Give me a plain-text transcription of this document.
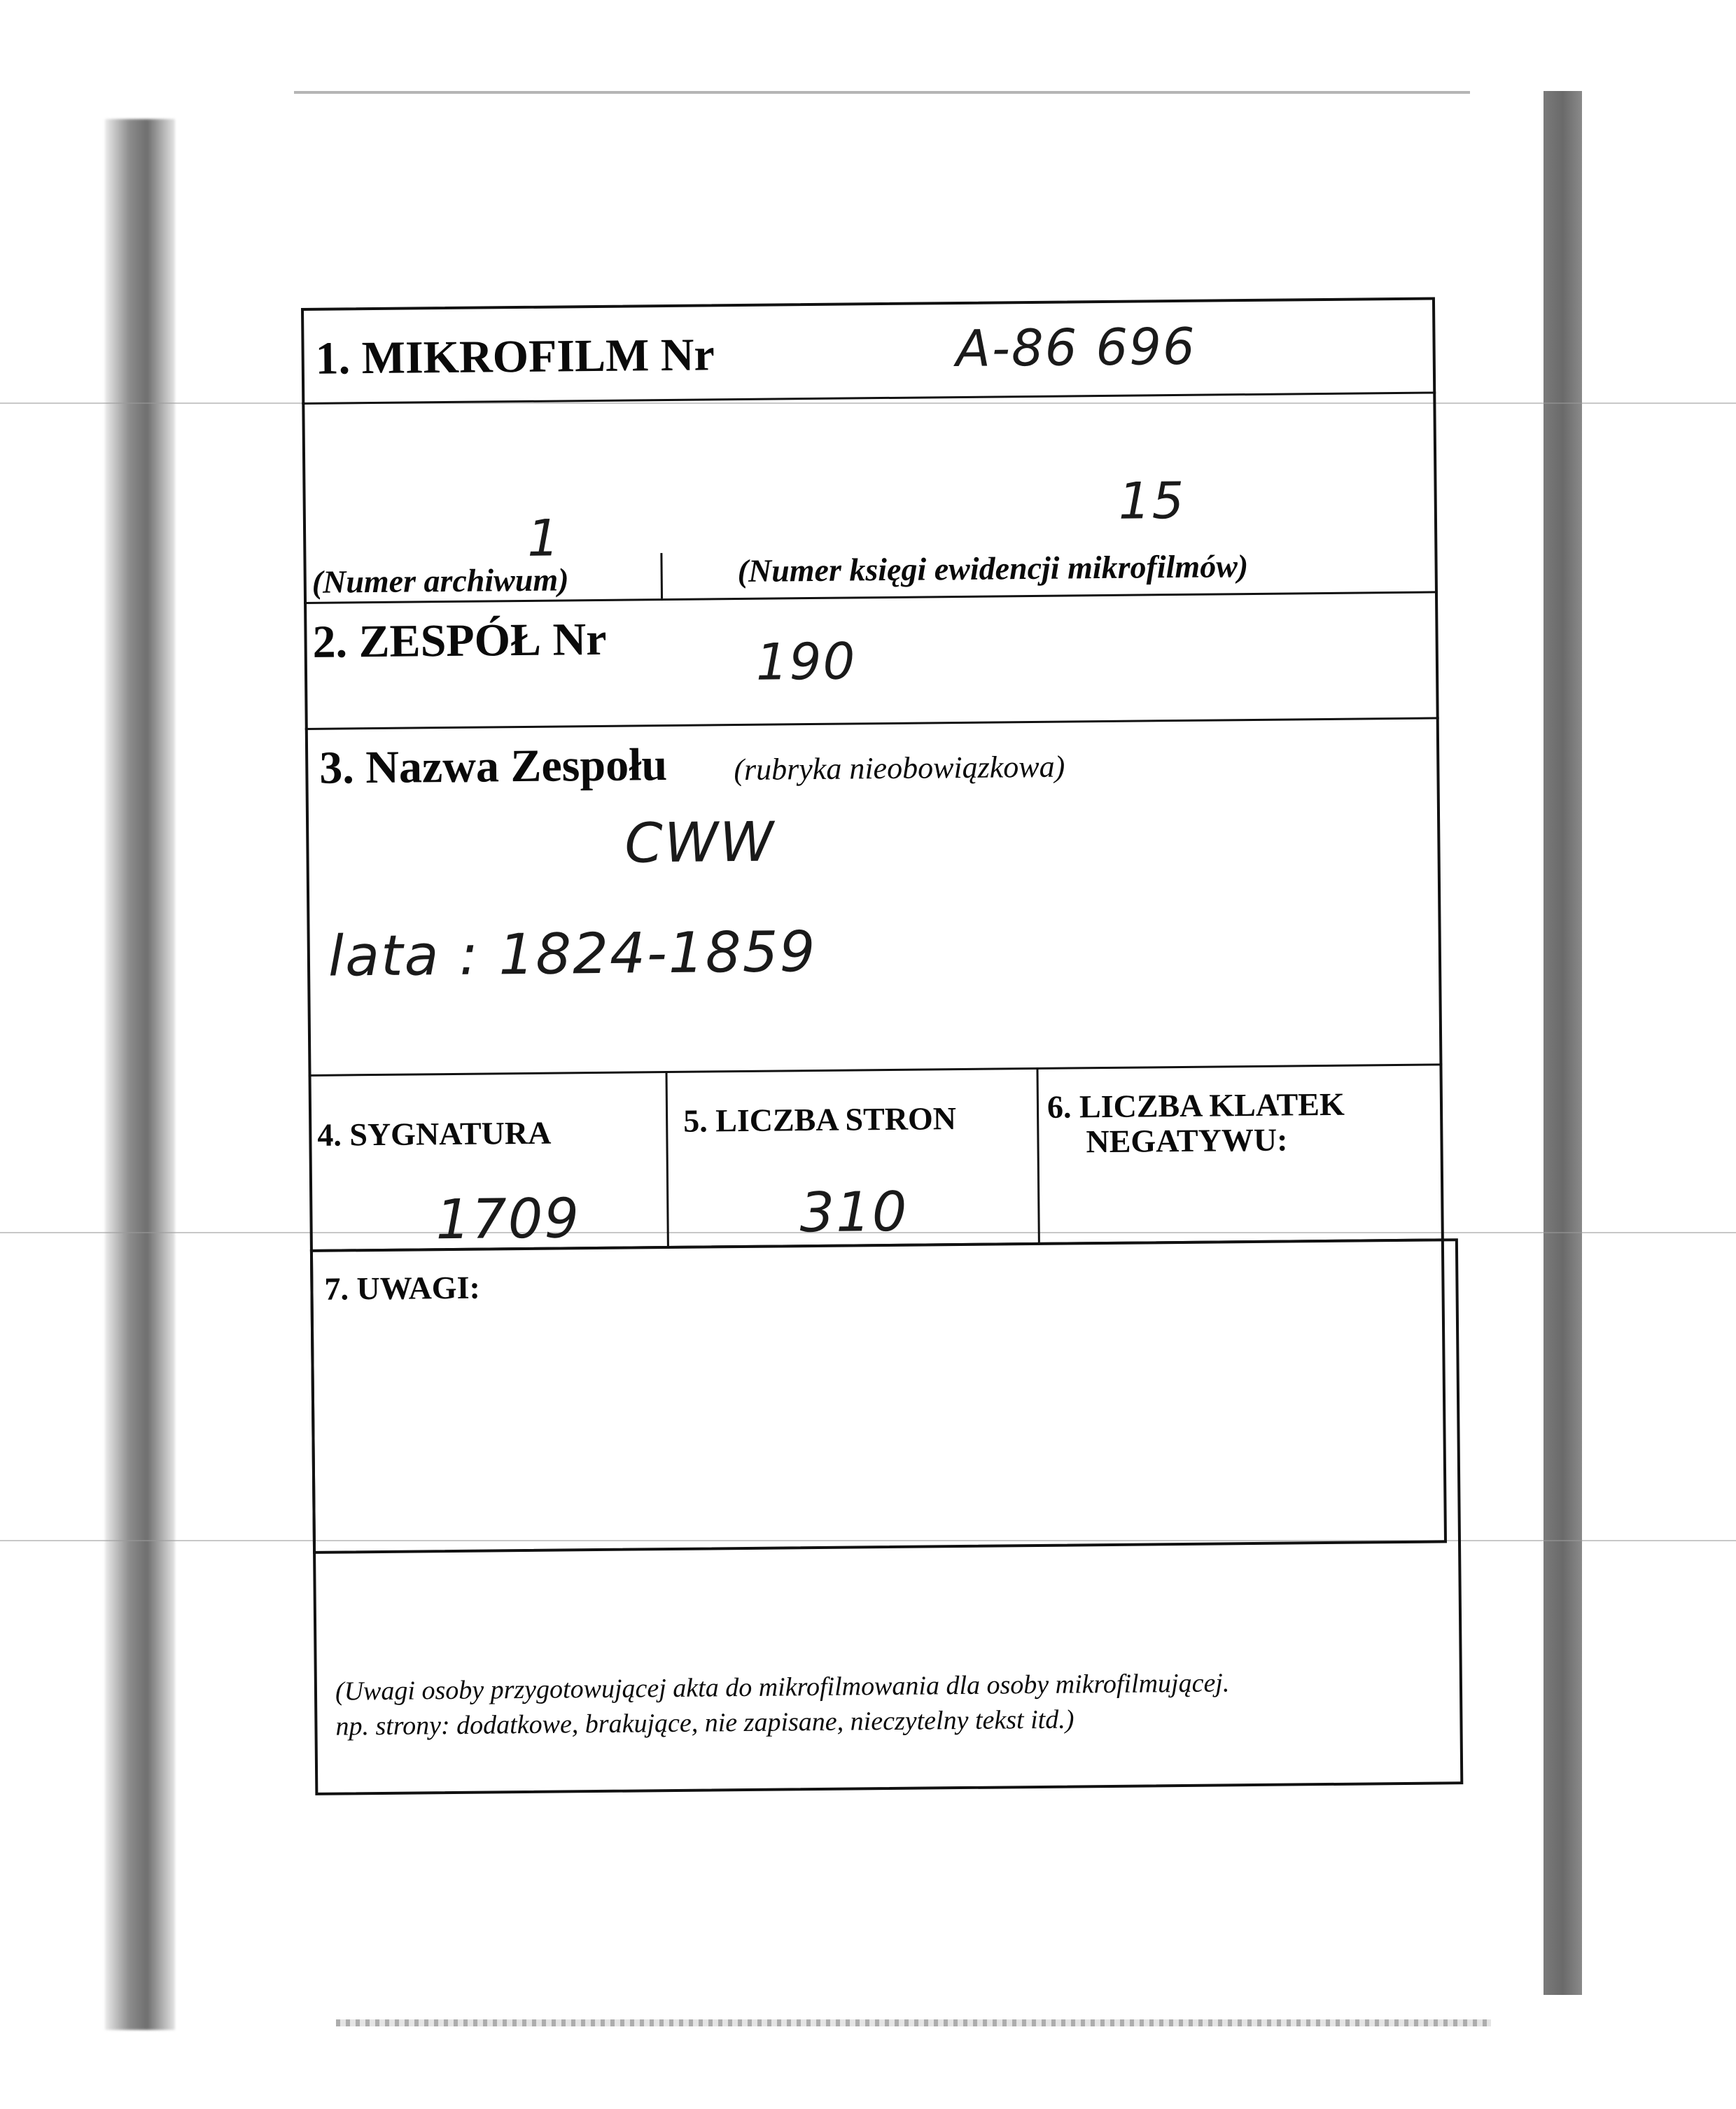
1. MIKROFILM Nr	A-86 696
1
15
(Numer archiwum)	(Numer księgi ewidencji mikrofilmów)
2. ZESPÓŁ Nr	190
3. Nazwa Zespołu (rubryka nieobowiązkowa)
CWW
lata : 1824-1859
4. SYGNATURA	5. LICZBA STRON	6. LICZBA KLATEK
NEGATYWU:
1709	310
7. UWAGI:
(Uwagi osoby przygotowującej akta do mikrofilmowania dla osoby mikrofilmującej.
np. strony: dodatkowe, brakujące, nie zapisane, nieczytelny tekst itd.)
